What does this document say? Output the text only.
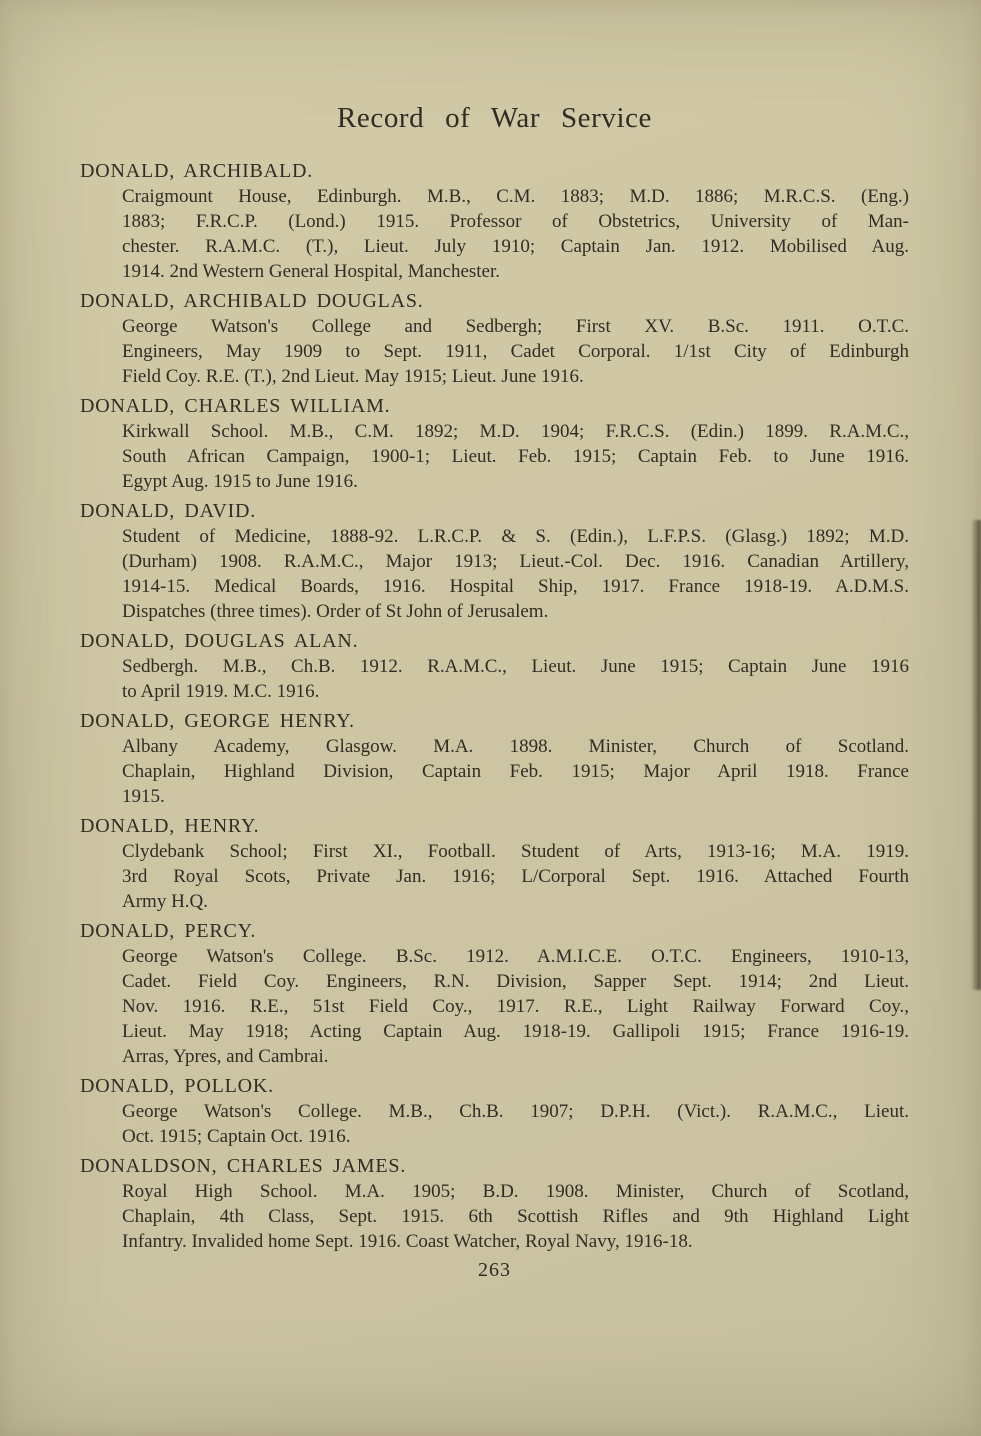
Record of War Service
DONALD, ARCHIBALD.
Craigmount House, Edinburgh. M.B., C.M. 1883; M.D. 1886; M.R.C.S. (Eng.)
1883; F.R.C.P. (Lond.) 1915. Professor of Obstetrics, University of Man-
chester. R.A.M.C. (T.), Lieut. July 1910; Captain Jan. 1912. Mobilised Aug.
1914. 2nd Western General Hospital, Manchester.
DONALD, ARCHIBALD DOUGLAS.
George Watson's College and Sedbergh; First XV. B.Sc. 1911. O.T.C.
Engineers, May 1909 to Sept. 1911, Cadet Corporal. 1/1st City of Edinburgh
Field Coy. R.E. (T.), 2nd Lieut. May 1915; Lieut. June 1916.
DONALD, CHARLES WILLIAM.
Kirkwall School. M.B., C.M. 1892; M.D. 1904; F.R.C.S. (Edin.) 1899. R.A.M.C.,
South African Campaign, 1900-1; Lieut. Feb. 1915; Captain Feb. to June 1916.
Egypt Aug. 1915 to June 1916.
DONALD, DAVID.
Student of Medicine, 1888-92. L.R.C.P. & S. (Edin.), L.F.P.S. (Glasg.) 1892; M.D.
(Durham) 1908. R.A.M.C., Major 1913; Lieut.-Col. Dec. 1916. Canadian Artillery,
1914-15. Medical Boards, 1916. Hospital Ship, 1917. France 1918-19. A.D.M.S.
Dispatches (three times). Order of St John of Jerusalem.
DONALD, DOUGLAS ALAN.
Sedbergh. M.B., Ch.B. 1912. R.A.M.C., Lieut. June 1915; Captain June 1916
to April 1919. M.C. 1916.
DONALD, GEORGE HENRY.
Albany Academy, Glasgow. M.A. 1898. Minister, Church of Scotland.
Chaplain, Highland Division, Captain Feb. 1915; Major April 1918. France
1915.
DONALD, HENRY.
Clydebank School; First XI., Football. Student of Arts, 1913-16; M.A. 1919.
3rd Royal Scots, Private Jan. 1916; L/Corporal Sept. 1916. Attached Fourth
Army H.Q.
DONALD, PERCY.
George Watson's College. B.Sc. 1912. A.M.I.C.E. O.T.C. Engineers, 1910-13,
Cadet. Field Coy. Engineers, R.N. Division, Sapper Sept. 1914; 2nd Lieut.
Nov. 1916. R.E., 51st Field Coy., 1917. R.E., Light Railway Forward Coy.,
Lieut. May 1918; Acting Captain Aug. 1918-19. Gallipoli 1915; France 1916-19.
Arras, Ypres, and Cambrai.
DONALD, POLLOK.
George Watson's College. M.B., Ch.B. 1907; D.P.H. (Vict.). R.A.M.C., Lieut.
Oct. 1915; Captain Oct. 1916.
DONALDSON, CHARLES JAMES.
Royal High School. M.A. 1905; B.D. 1908. Minister, Church of Scotland,
Chaplain, 4th Class, Sept. 1915. 6th Scottish Rifles and 9th Highland Light
Infantry. Invalided home Sept. 1916. Coast Watcher, Royal Navy, 1916-18.
263
